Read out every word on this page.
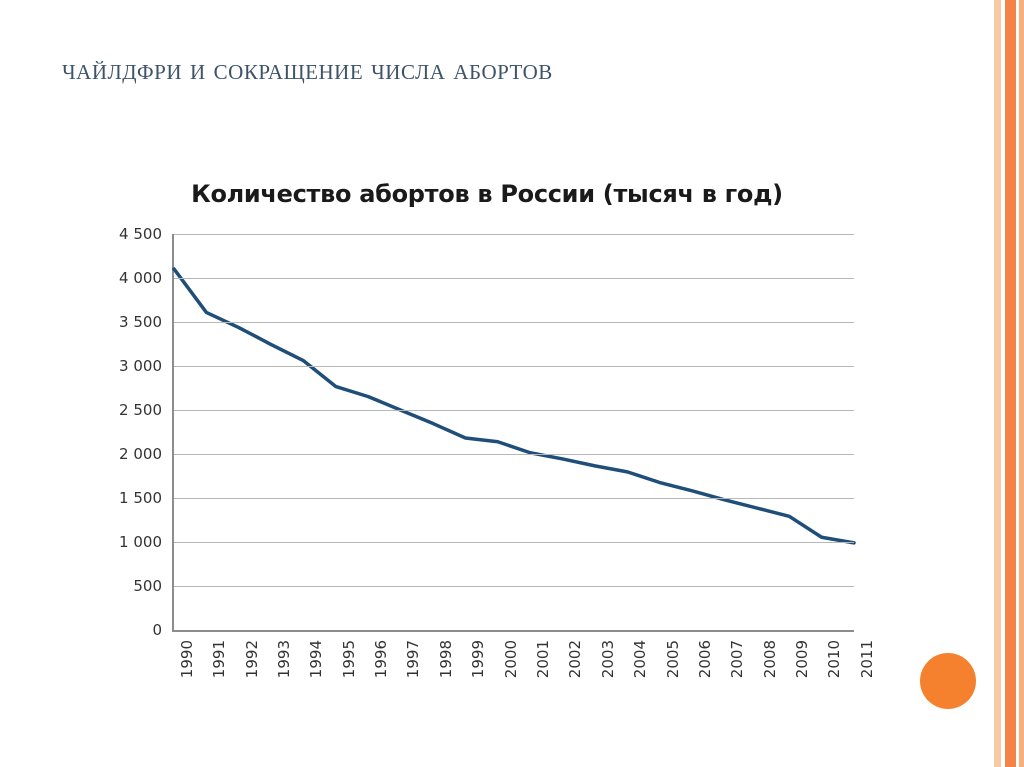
чайлдфри и сокращение числа абортов
Количество абортов в России (тысяч в год)
0
500
1 000
1 500
2 000
2 500
3 000
3 500
4 000
4 500
1990 1991 1992 1993 1994 1995 1996 1997 1998 1999 2000 2001 2002 2003 2004 2005 2006 2007 2008 2009 2010 2011
